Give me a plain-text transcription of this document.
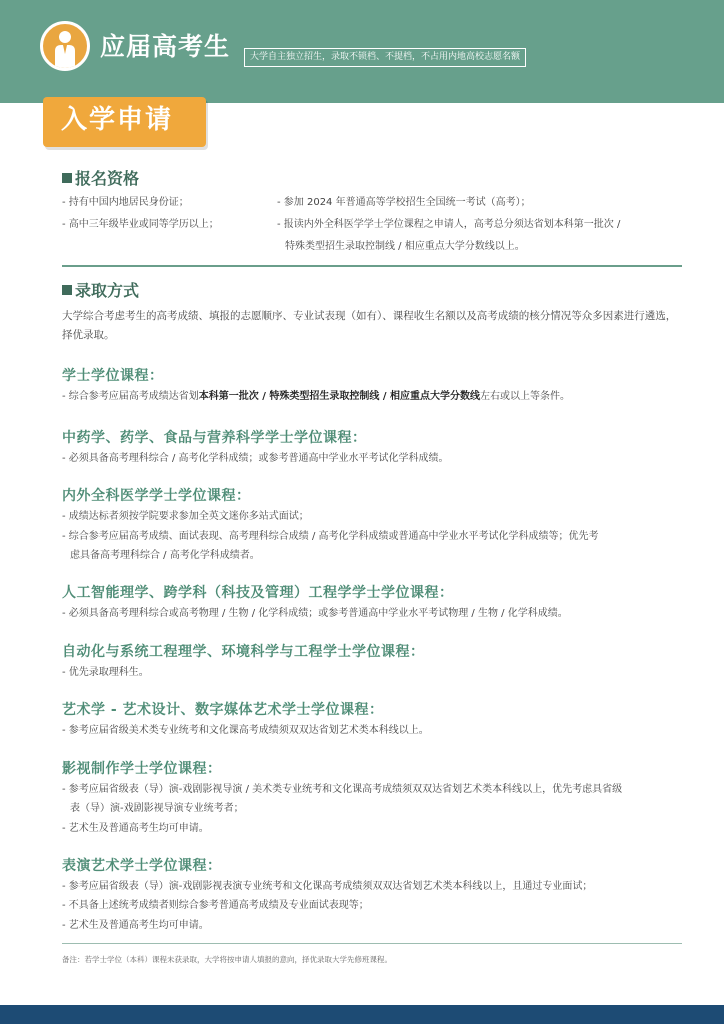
应届高考生	大学自主独立招生，录取不锁档、不提档，不占用内地高校志愿名额
入学申请
报名资格
- 持有中国内地居民身份证；
- 高中三年级毕业或同等学历以上；
- 参加 2024 年普通高等学校招生全国统一考试（高考）；
- 报读内外全科医学学士学位课程之申请人，高考总分须达省划本科第一批次 /
特殊类型招生录取控制线 / 相应重点大学分数线以上。
录取方式
大学综合考虑考生的高考成绩、填报的志愿顺序、专业试表现（如有）、课程收生名额以及高考成绩的核分情况等众多因素进行遴选，择优录取。
学士学位课程：
- 综合参考应届高考成绩达省划本科第一批次 / 特殊类型招生录取控制线 / 相应重点大学分数线左右或以上等条件。
中药学、药学、食品与营养科学学士学位课程：
- 必须具备高考理科综合 / 高考化学科成绩；或参考普通高中学业水平考试化学科成绩。
内外全科医学学士学位课程：
- 成绩达标者须按学院要求参加全英文迷你多站式面试；
- 综合参考应届高考成绩、面试表现、高考理科综合成绩 / 高考化学科成绩或普通高中学业水平考试化学科成绩等；优先考
虑具备高考理科综合 / 高考化学科成绩者。
人工智能理学、跨学科（科技及管理）工程学学士学位课程：
- 必须具备高考理科综合或高考物理 / 生物 / 化学科成绩；或参考普通高中学业水平考试物理 / 生物 / 化学科成绩。
自动化与系统工程理学、环境科学与工程学士学位课程：
- 优先录取理科生。
艺术学 - 艺术设计、数字媒体艺术学士学位课程：
- 参考应届省级美术类专业统考和文化课高考成绩须双双达省划艺术类本科线以上。
影视制作学士学位课程：
- 参考应届省级表（导）演-戏剧影视导演 / 美术类专业统考和文化课高考成绩须双双达省划艺术类本科线以上，优先考虑具省级
表（导）演-戏剧影视导演专业统考者；
- 艺术生及普通高考生均可申请。
表演艺术学士学位课程：
- 参考应届省级表（导）演-戏剧影视表演专业统考和文化课高考成绩须双双达省划艺术类本科线以上，且通过专业面试；
- 不具备上述统考成绩者则综合参考普通高考成绩及专业面试表现等；
- 艺术生及普通高考生均可申请。
备注：若学士学位（本科）课程未获录取，大学将按申请人填报的意向，择优录取大学先修班课程。
